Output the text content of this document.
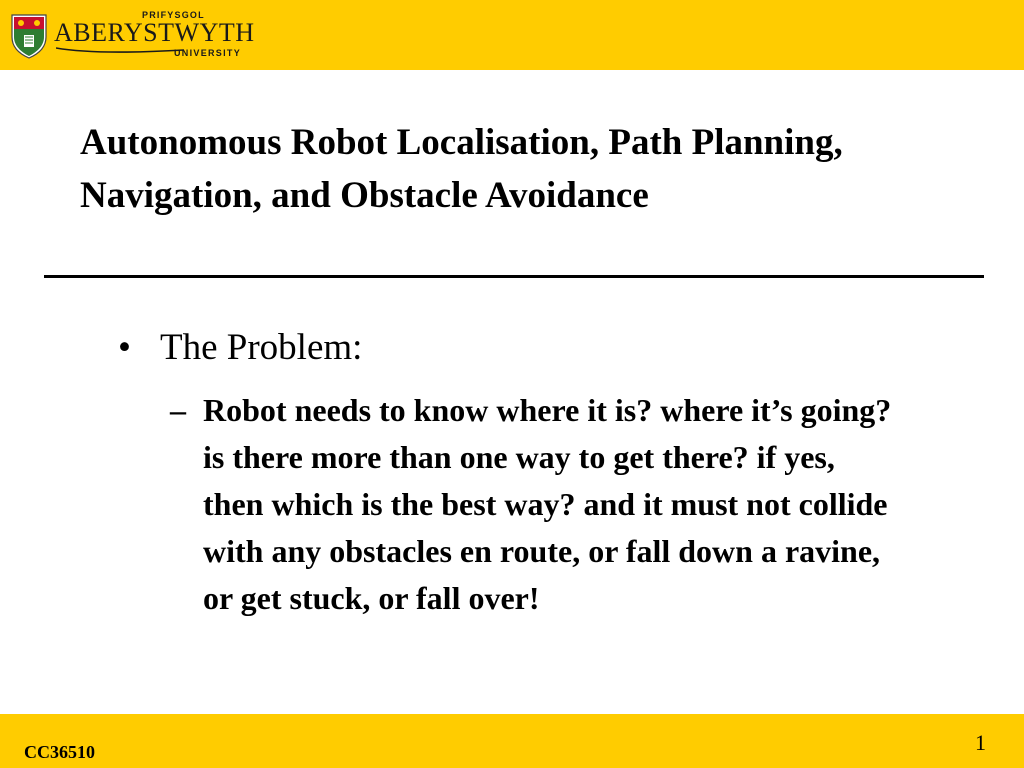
PRIFYSGOL
ABERYSTWYTH
UNIVERSITY
Autonomous Robot Localisation, Path Planning, Navigation, and Obstacle Avoidance
• The Problem:
– Robot needs to know where it is? where it’s going? is there more than one way to get there? if yes, then which is the best way? and it must not collide with any obstacles en route, or fall down a ravine, or get stuck, or fall over!
CC36510	1
